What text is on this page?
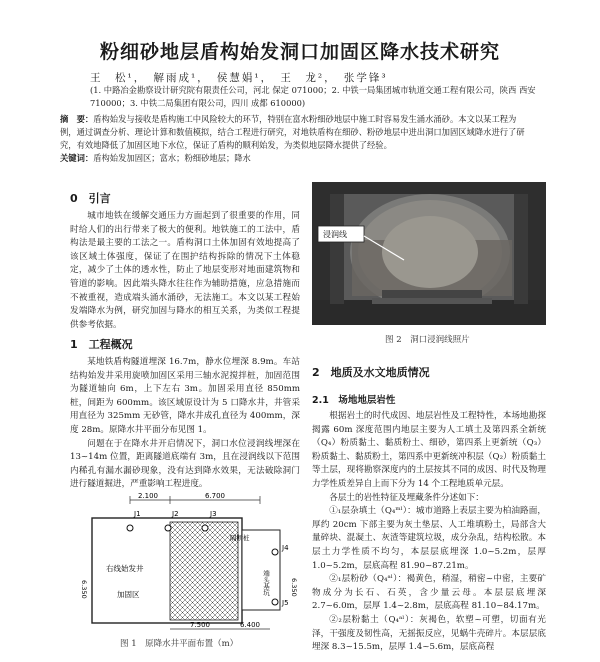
粉细砂地层盾构始发洞口加固区降水技术研究
王　松¹，　解雨成¹，　侯慧娟¹，　王　龙²，　张学锋³
(1. 中路冶金勘察设计研究院有限责任公司，河北 保定 071000；2. 中铁一局集团城市轨道交通工程有限公司，陕西 西安 710000；3. 中铁二局集团有限公司，四川 成都 610000)
摘　要：盾构始发与接收是盾构施工中风险较大的环节，特别在富水粉细砂地层中施工时容易发生涌水涌砂。本文以某工程为例，通过调查分析、理论计算和数值模拟，结合工程进行研究，对地铁盾构在细砂、粉砂地层中进出洞口加固区域降水进行了研究，有效地降低了加固区地下水位，保证了盾构的顺利始发，为类似地层降水提供了经验。
关键词：盾构始发加固区；富水；粉细砂地层；降水
0　引言

城市地铁在缓解交通压力方面起到了很重要的作用，同时给人们的出行带来了极大的便利。地铁施工的工法中，盾构法是最主要的工法之一。盾构洞口土体加固有效地提高了该区域土体强度，保证了在围护结构拆除的情况下土体稳定，减少了土体的透水性，防止了地层变形对地面建筑物和管道的影响。因此端头降水往往作为辅助措施，应急措施而不被重视，造成端头涌水涌砂，无法施工。本文以某工程始发端降水为例，研究加固与降水的相互关系，为类似工程提供参考依据。

1　工程概况

某地铁盾构隧道埋深 16.7m，静水位埋深 8.9m。车站结构始发井采用旋喷加固区采用三轴水泥搅拌桩，加固范围为隧道轴向 6m，上下左右 3m。加固采用直径 850mm 桩，间距为 600mm。该区域原设计为 5 口降水井，井管采用直径为 325mm 无砂管，降水井成孔直径为 400mm，深度 28m。原降水井平面分布见图 1。

问题在于在降水井开启情况下，洞口水位浸润线埋深在 13~14m 位置，距离隧道底端有 3m，且在浸润线以下范围内稀孔有漏水漏砂现象，没有达到降水效果，无法破除洞门进行隧道掘进，严重影响工程进度。

2.100	6.700
J1	J2	J3
J4
J5
隔断桩
右线始发井
加固区	端头基坑
6.350	6.350
7.500	6.400
图 1　原降水井平面布置（m）
浸润线
图 2　洞口浸润线照片
2　地质及水文地质情况
2.1　场地地层岩性

根据岩土的时代成因、地层岩性及工程特性，本场地勘探揭露 60m 深度范围内地层主要为人工填土及第四系全新统（Q₄）粉质黏土、黏质粉土、细砂，第四系上更新统（Q₃）粉质黏土、黏质粉土，第四系中更新统冲积层（Q₂）粉质黏土等土层，现将勘察深度内的土层按其不同的成因、时代及物理力学性质差异自上而下分为 14 个工程地质单元层。

各层土的岩性特征及埋藏条件分述如下：

①₁层杂填土（Q₄ᵐˡ）：城市道路上表层主要为柏油路面，厚约 20cm 下部主要为灰土垫层、人工堆填粉土，局部含大量碎块、混凝土、灰渣等建筑垃圾，成分杂乱，结构松散。本层土力学性质不均匀，本层层底埋深 1.0~5.2m，层厚 1.0~5.2m，层底高程 81.90~87.21m。

②₁层粉砂（Q₄ᵃˡ）：褐黄色，稍湿，稍密~中密，主要矿物成分为长石、石英，含少量云母。本层层底埋深 2.7~6.0m，层厚 1.4~2.8m，层底高程 81.10~84.17m。

②₂层粉黏土（Q₄ᵃˡ）：灰褐色，软塑~可塑，切面有光泽，干强度及韧性高，无摇振反应，见蜗牛壳碎片。本层层底埋深 8.3~15.5m，层厚 1.4~5.6m，层底高程
